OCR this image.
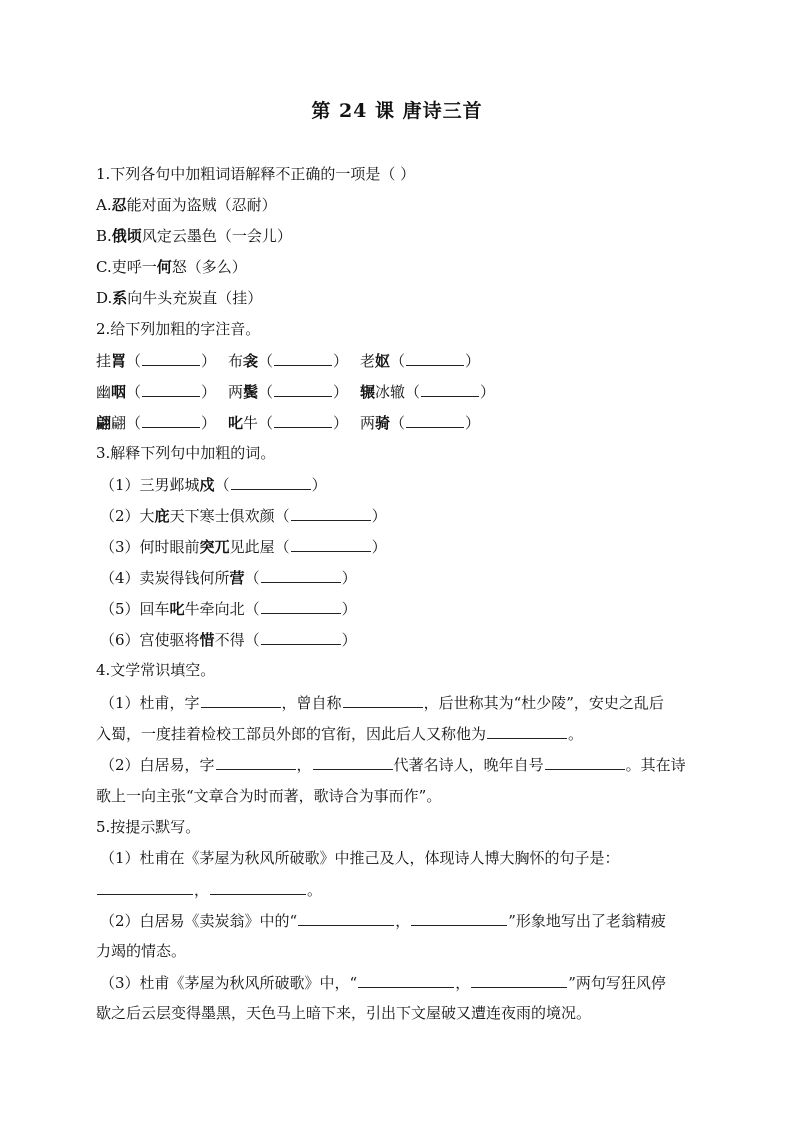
第 24 课 唐诗三首
1.下列各句中加粗词语解释不正确的一项是（ ）
A.忍能对面为盗贼（忍耐）
B.俄顷风定云墨色（一会儿）
C.吏呼一何怒（多么）
D.系向牛头充炭直（挂）
2.给下列加粗的字注音。
挂罥（	） 布衾（	） 老妪（	）
幽咽（	） 两鬓（	） 辗冰辙（	）
翩翩（	） 叱牛（	） 两骑（	）
3.解释下列句中加粗的词。
（1）三男邺城戍（	）
（2）大庇天下寒士俱欢颜（	）
（3）何时眼前突兀见此屋（	）
（4）卖炭得钱何所营（	）
（5）回车叱牛牵向北（	）
（6）宫使驱将惜不得（	）
4.文学常识填空。
（1）杜甫，字	，曾自称	，后世称其为“杜少陵”，安史之乱后
入蜀，一度挂着检校工部员外郎的官衔，因此后人又称他为	。
（2）白居易，字	，	代著名诗人，晚年自号	。其在诗
歌上一向主张“文章合为时而著，歌诗合为事而作”。
5.按提示默写。
（1）杜甫在《茅屋为秋风所破歌》中推己及人，体现诗人博大胸怀的句子是：
，	。
（2）白居易《卖炭翁》中的“	，	”形象地写出了老翁精疲
力竭的情态。
（3）杜甫《茅屋为秋风所破歌》中，“	，	”两句写狂风停
歇之后云层变得墨黑，天色马上暗下来，引出下文屋破又遭连夜雨的境况。
